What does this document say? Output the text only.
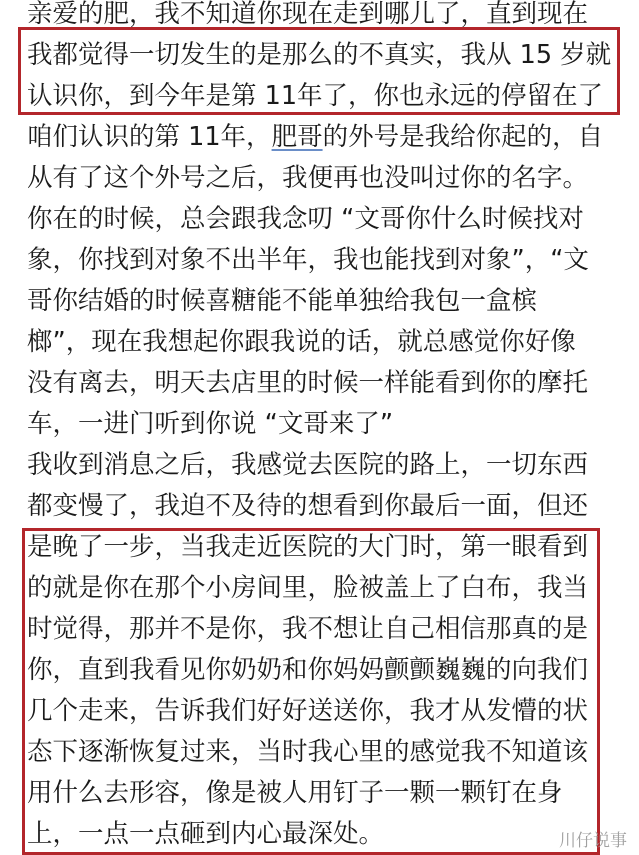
亲爱的肥，我不知道你现在走到哪儿了，直到现在
我都觉得一切发生的是那么的不真实，我从 15 岁就
认识你，到今年是第 11年了，你也永远的停留在了
咱们认识的第 11年，肥哥的外号是我给你起的，自
从有了这个外号之后，我便再也没叫过你的名字。
你在的时候，总会跟我念叨 “文哥你什么时候找对
象，你找到对象不出半年，我也能找到对象”，“文
哥你结婚的时候喜糖能不能单独给我包一盒槟
榔”，现在我想起你跟我说的话，就总感觉你好像
没有离去，明天去店里的时候一样能看到你的摩托
车，一进门听到你说 “文哥来了”
我收到消息之后，我感觉去医院的路上，一切东西
都变慢了，我迫不及待的想看到你最后一面，但还
是晚了一步，当我走近医院的大门时，第一眼看到
的就是你在那个小房间里，脸被盖上了白布，我当
时觉得，那并不是你，我不想让自己相信那真的是
你，直到我看见你奶奶和你妈妈颤颤巍巍的向我们
几个走来，告诉我们好好送送你，我才从发懵的状
态下逐渐恢复过来，当时我心里的感觉我不知道该
用什么去形容，像是被人用钉子一颗一颗钉在身
上，一点一点砸到内心最深处。	川仔说事
